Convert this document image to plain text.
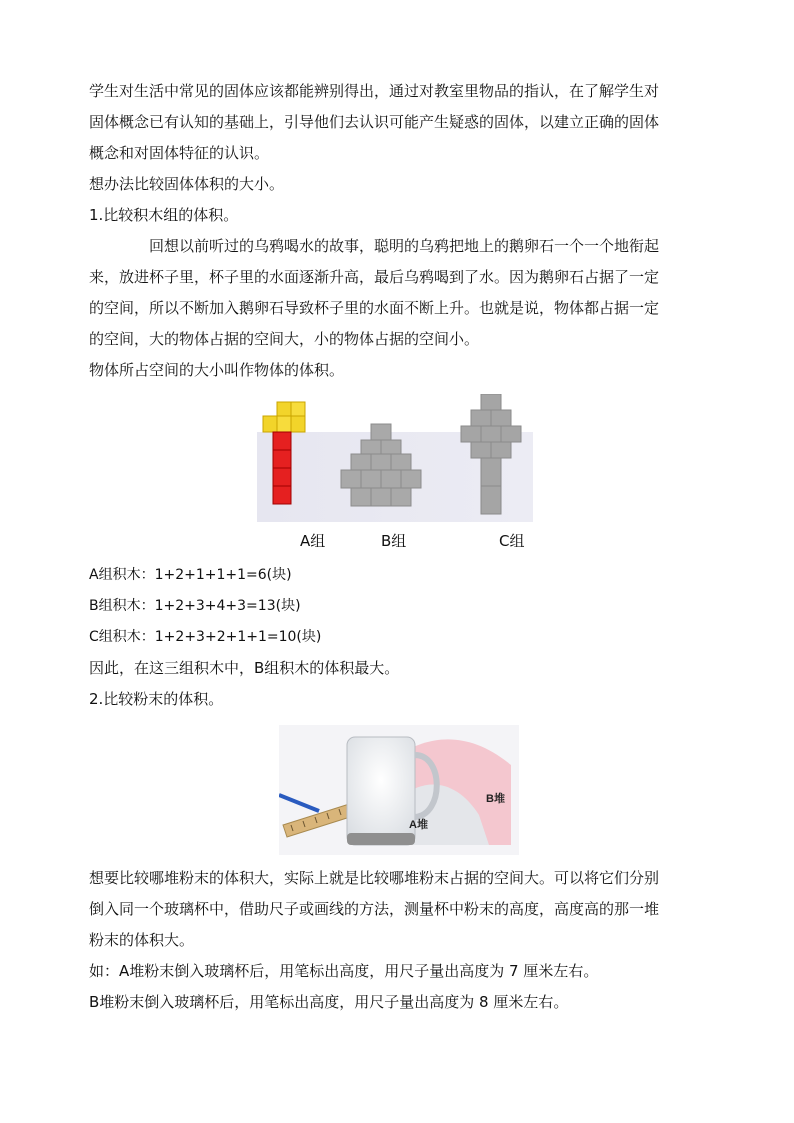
学生对生活中常见的固体应该都能辨别得出，通过对教室里物品的指认，在了解学生对

固体概念已有认知的基础上，引导他们去认识可能产生疑惑的固体，以建立正确的固体

概念和对固体特征的认识。

想办法比较固体体积的大小。

1.比较积木组的体积。

回想以前听过的乌鸦喝水的故事，聪明的乌鸦把地上的鹅卵石一个一个地衔起

来，放进杯子里，杯子里的水面逐渐升高，最后乌鸦喝到了水。因为鹅卵石占据了一定

的空间，所以不断加入鹅卵石导致杯子里的水面不断上升。也就是说，物体都占据一定

的空间，大的物体占据的空间大，小的物体占据的空间小。

物体所占空间的大小叫作物体的体积。

A组	B组	C组

A组积木：1+2+1+1+1=6(块)

B组积木：1+2+3+4+3=13(块)

C组积木：1+2+3+2+1+1=10(块)

因此，在这三组积木中，B组积木的体积最大。

2.比较粉末的体积。

A堆
B堆

想要比较哪堆粉末的体积大，实际上就是比较哪堆粉末占据的空间大。可以将它们分别

倒入同一个玻璃杯中，借助尺子或画线的方法，测量杯中粉末的高度，高度高的那一堆

粉末的体积大。

如：A堆粉末倒入玻璃杯后，用笔标出高度，用尺子量出高度为 7 厘米左右。

B堆粉末倒入玻璃杯后，用笔标出高度，用尺子量出高度为 8 厘米左右。
